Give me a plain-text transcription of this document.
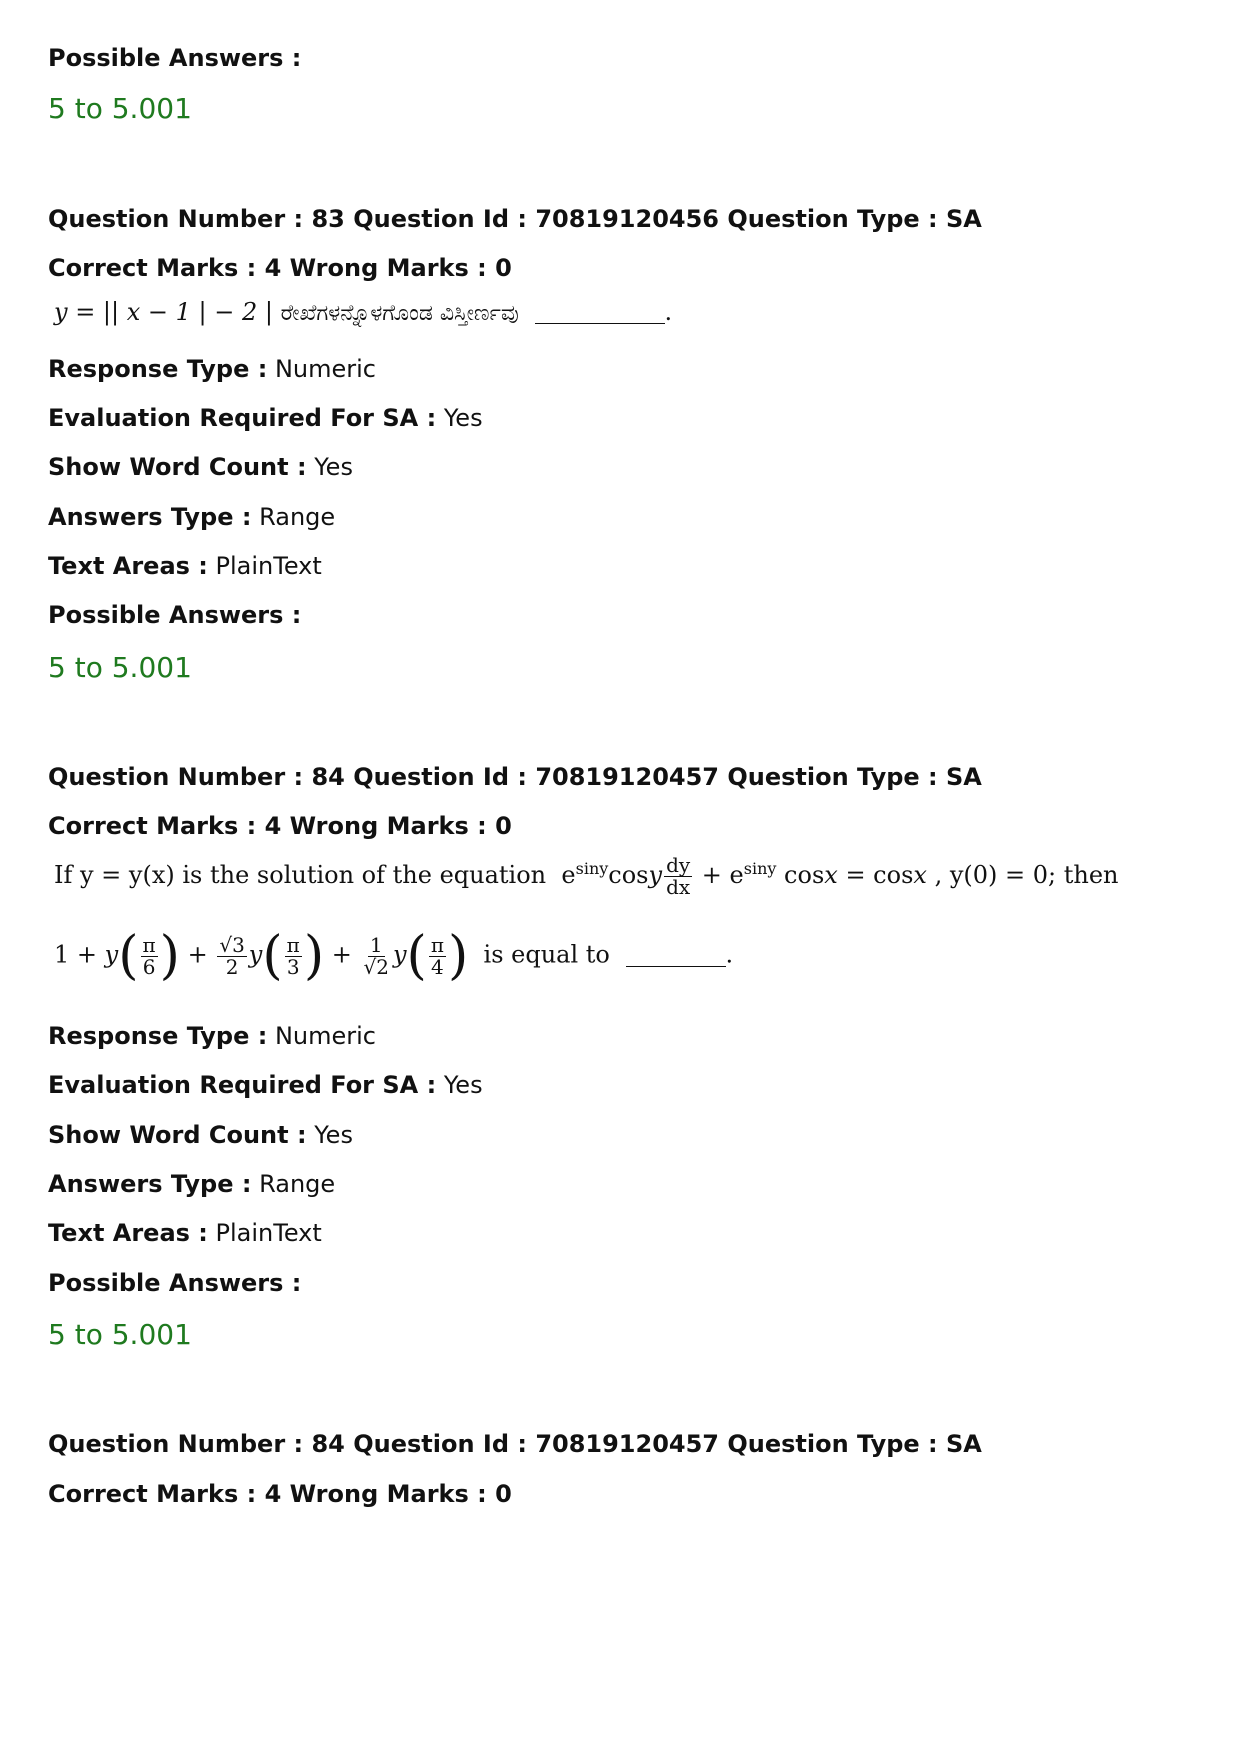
Possible Answers :
5 to 5.001
Question Number : 83 Question Id : 70819120456 Question Type : SA
Correct Marks : 4 Wrong Marks : 0
y = || x − 1 | − 2 | ರೇಖೆಗಳನ್ನೊಳಗೊಂಡ ವಿಸ್ತೀರ್ಣವು	.
Response Type : Numeric
Evaluation Required For SA : Yes
Show Word Count : Yes
Answers Type : Range
Text Areas : PlainText
Possible Answers :
5 to 5.001
Question Number : 84 Question Id : 70819120457 Question Type : SA
Correct Marks : 4 Wrong Marks : 0
If y = y(x) is the solution of the equation  $e^{siny}\cos y \frac{dy}{dx} + e^{siny}$ cosx = cosx , y(0) = 0; then
$1 + y( \frac{\pi}{6}$ ) + $\frac{√3}{2} y( \frac{\pi}{3}$ ) + $\frac{1}{√2} y( \frac{\pi}{4}$ ) is equal to	.
Response Type : Numeric
Evaluation Required For SA : Yes
Show Word Count : Yes
Answers Type : Range
Text Areas : PlainText
Possible Answers :
5 to 5.001
Question Number : 84 Question Id : 70819120457 Question Type : SA
Correct Marks : 4 Wrong Marks : 0
